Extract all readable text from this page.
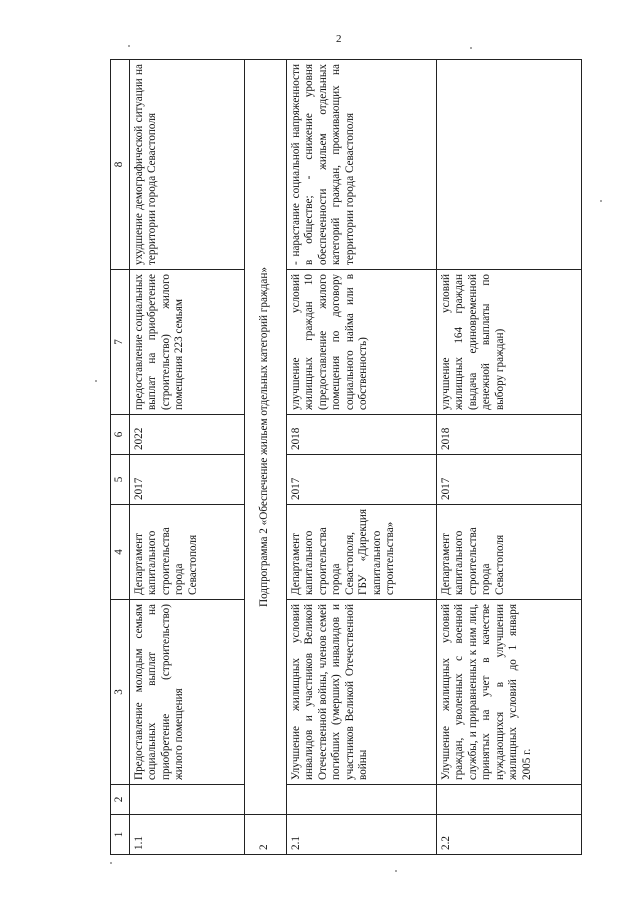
2
1	2	3	4	5	6	7	8
1.1		Предоставление молодым семьям социальных выплат на приобретение (строительство) жилого помещения	Департамент капитального строительства города Севастополя	2017	2022	предоставление социальных выплат на приобретение (строительство) жилого помещения 223 семьям	ухудшение демографической ситуации на территории города Севастополя
2	Подпрограмма 2 «Обеспечение жильем отдельных категорий граждан»						
2.1		Улучшение жилищных условий инвалидов и участников Великой Отечественной войны, членов семей погибших (умерших) инвалидов и участников Великой Отечественной войны	Департамент капитального строительства города Севастополя, ГБУ «Дирекция капитального строительства»	2017	2018	улучшение условий жилищных граждан 10 (предоставление жилого помещения по договору социального найма или в собственность)	- нарастание социальной напряженности в обществе; - снижение уровня обеспеченности жильем отдельных категорий граждан, проживающих на территории города Севастополя
2.2		Улучшение жилищных условий граждан, уволенных с военной службы, и приравненных к ним лиц, принятых на учет в качестве нуждающихся в улучшении жилищных условий до 1 января 2005 г.	Департамент капитального строительства города Севастополя	2017	2018	улучшение условий жилищных 164 граждан (выдача единовременной денежной выплаты по выбору граждан)	
